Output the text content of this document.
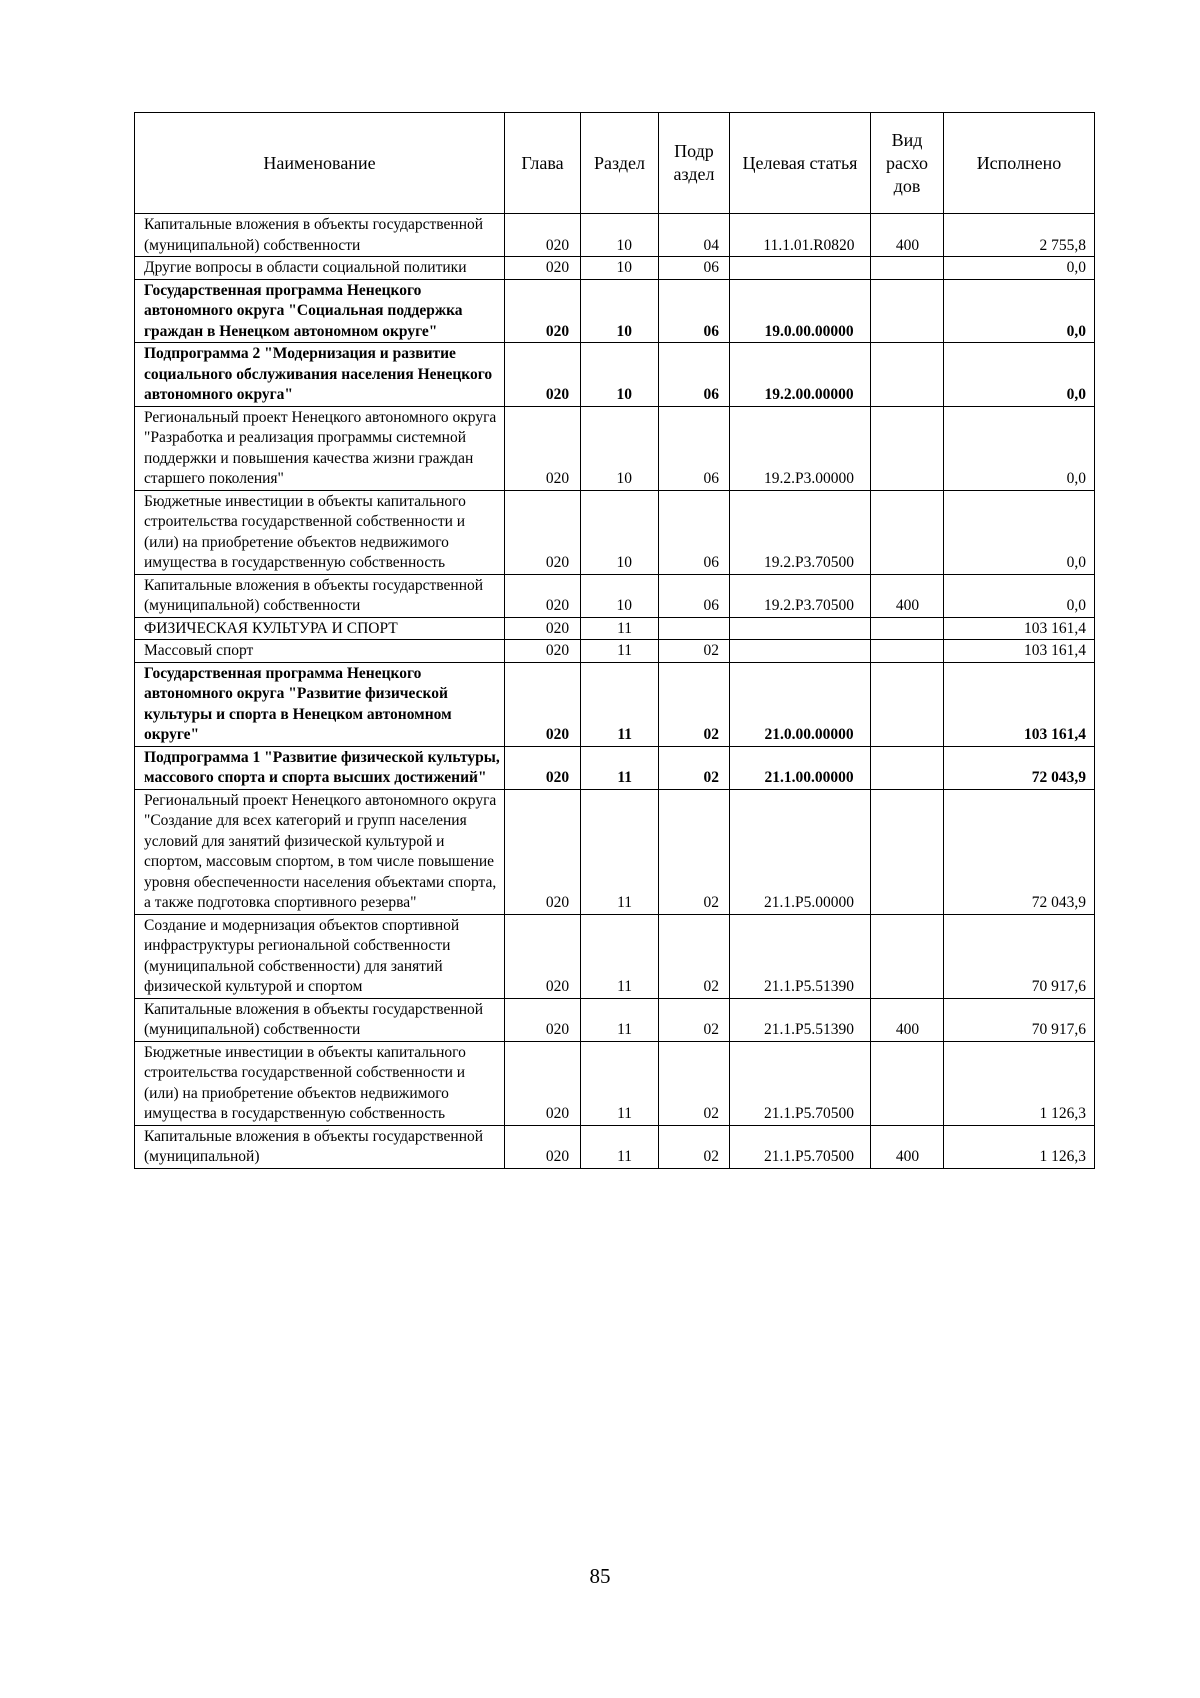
Наименование	Глава	Раздел	Подр аздел	Целевая статья	Вид расхо дов	Исполнено
Капитальные вложения в объекты государственной (муниципальной) собственности	020	10	04	11.1.01.R0820	400	2 755,8
Другие вопросы в области социальной политики	020	10	06			0,0
Государственная программа Ненецкого автономного округа "Социальная поддержка граждан в Ненецком автономном округе"	020	10	06	19.0.00.00000		0,0
Подпрограмма 2 "Модернизация и развитие социального обслуживания населения Ненецкого автономного округа"	020	10	06	19.2.00.00000		0,0
Региональный проект Ненецкого автономного округа "Разработка и реализация программы системной поддержки и повышения качества жизни граждан старшего поколения"	020	10	06	19.2.P3.00000		0,0
Бюджетные инвестиции в объекты капитального строительства государственной собственности и (или) на приобретение объектов недвижимого имущества в государственную собственность	020	10	06	19.2.P3.70500		0,0
Капитальные вложения в объекты государственной (муниципальной) собственности	020	10	06	19.2.P3.70500	400	0,0
ФИЗИЧЕСКАЯ КУЛЬТУРА И СПОРТ	020	11				103 161,4
Массовый спорт	020	11	02			103 161,4
Государственная программа Ненецкого автономного округа "Развитие физической культуры и спорта в Ненецком автономном округе"	020	11	02	21.0.00.00000		103 161,4
Подпрограмма 1 "Развитие физической культуры, массового спорта и спорта высших достижений"	020	11	02	21.1.00.00000		72 043,9
Региональный проект Ненецкого автономного округа "Создание для всех категорий и групп населения условий для занятий физической культурой и спортом, массовым спортом, в том числе повышение уровня обеспеченности населения объектами спорта, а также подготовка спортивного резерва"	020	11	02	21.1.P5.00000		72 043,9
Создание и модернизация объектов спортивной инфраструктуры региональной собственности (муниципальной собственности) для занятий физической культурой и спортом	020	11	02	21.1.P5.51390		70 917,6
Капитальные вложения в объекты государственной (муниципальной) собственности	020	11	02	21.1.P5.51390	400	70 917,6
Бюджетные инвестиции в объекты капитального строительства государственной собственности и (или) на приобретение объектов недвижимого имущества в государственную собственность	020	11	02	21.1.P5.70500		1 126,3
Капитальные вложения в объекты государственной (муниципальной)	020	11	02	21.1.P5.70500	400	1 126,3
85
